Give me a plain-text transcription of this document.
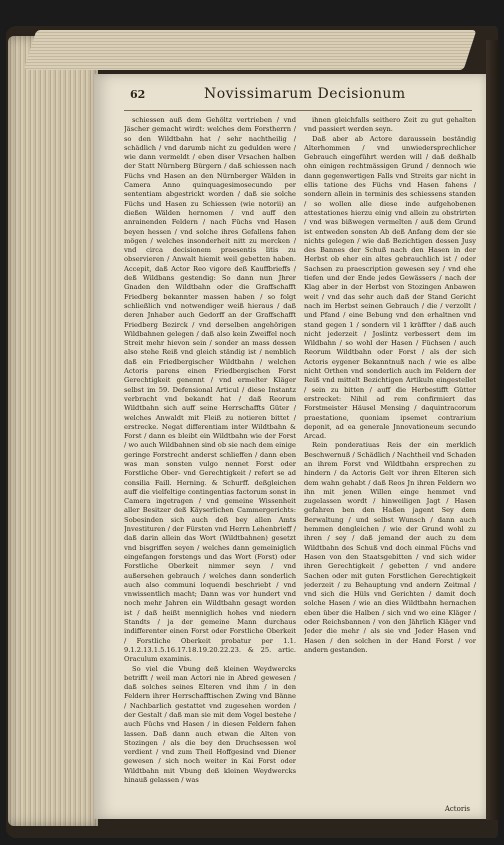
62	Novissimarum Decisionum

schiessen auß dem Gehöltz vertrieben / vnd Jäscher gemacht wirdt: welches dem Forstherrn / so den Wildtbahn hat / sehr nachtheilig / schädlich / vnd darumb nicht zu gedulden were / wie dann vermeldt / eben diser Vrsachen halben der Statt Nürnberg Bürgern / daß schiessen nach Füchs vnd Hasen an den Nürnberger Wälden in Camera Anno quinquagesimosecundo per sententiam abgestrickt worden / daß sie solche Füchs und Hasen zu Schiessen (wie notorii) an dießen Wälden hernomen / vnd auff den anrainenden Feldern / nach Füchs vnd Hasen beyen hessen / vnd solche ihres Gefallens fahen mögen / welches insonderheit nitt zu mercken / vnd circa decisionem praesentis litis zu observieren / Anwalt hiemit weil gebetten haben. Accepit, daß Actor Reo vigore deß Kauffbrieffs / deß Wildbans gestendig: So dann nun Jhrer Gnaden den Wildtbahn oder die Graffschafft Friedberg bekannter massen haben / so folgt schließlich vnd notwendiger weiß hieraus / daß deren Jnhaber auch Gedorff an der Graffschafft Friedberg Bezirck / vnd derselben angehörigen Wildbahnen gelegen / daß also kein Zweiffel noch Streit mehr hievon sein / sonder an mass dessen also stehe Reiß vnd gleich ständig ist / nemblich daß ein Friedbergischer Wildtbahn / welchen Actoris parens einen Friedbergischen Forst Gerechtigkeit genennt / vnd ermelter Kläger selbst im 59. Defensional Articul / diese Instantz verbracht vnd bekandt hat / daß Reorum Wildtbahn sich auff seine Herrschaffts Güter / welches Anwaldt mit Fleiß zu notieren bittet / erstrecke. Negat differentiam inter Wildtbahn & Forst / dann es bleibt ein Wildtbahn wie der Forst / wo auch Wildbahnen sind ob sie nach dem einige geringe Forstrecht anderst schlieffen / dann eben was man sonsten vulgo nennet Forst oder Forstliche Ober- vnd Gerechtigkeit / refert se ad consilia Faill. Herning. & Schurff. deßgleichen auff die vielfeltige contingentias factorum sonst in Camera ingetragen / vnd gemeine Wissenheit aller Besitzer deß Käyserlichen Cammergerichts: Sobesinden sich auch deß bey allen Amts Jnvestituren / der Fürsten vnd Herrn Lehenbrieff / daß darin allein das Wort (Wildtbahnen) gesetzt vnd bisgriffen seyen / welches dann gemeiniglich eingefangen forstengs und das Wort (Forst) oder Forstliche Oberkeit nimmer seyn / vnd außersehen gebrauch / welches dann sonderlich auch also communi loquendi beschriebt / vnd vnwissentlich macht; Dann was vor hundert vnd noch mehr Jahren ein Wildtbahn gesagt worden ist / daß heißt menniglich hohes vnd niedern Standts / ja der gemeine Mann durchaus indifferenter einen Forst oder Forstliche Oberkeit / Forstliche Oberkeit probatur per 1.1. 9.1.2.13.1.5.16.17.18.19.20.22.23. & 25. artic. Oraculum examinis.

So viel die Vbung deß kleinen Weydwercks betrifft / weil man Actori nie in Abred gewesen / daß solches seines Elteren vnd ihm / in den Feldern ihrer Herrschafftischen Zwing vnd Bänne / Nachbarlich gestattet vnd zugesehen worden / der Gestalt / daß man sie mit dem Vogel bestehe / auch Füchs vnd Hasen / in diesen Feldern fahen lassen. Daß dann auch etwan die Alten von Stozingen / als die bey den Druchsessen wol verdient / vnd zum Theil Hoffgesind vnd Diener gewesen / sich noch weiter in Kai Forst oder Wildtbahn mit Vbung deß kleinen Weydwercks hinauß gelassen / was

ihnen gleichfalls seithero Zeit zu gut gehalten vnd passiert werden seyn.

Daß aber ab Actore daraussein beständig Alterhommen / vnd unwiedersprechlicher Gebrauch eingeführt werden will / daß deßhalb ohn einigen rechtmässigen Grund / dennoch wie dann gegenwertigen Falls vnd Streits gar nicht in ellis tatione des Füchs vnd Hasen fahens / sondern allein in terminis des schiessens standen / so wollen alle diese inde aufgehobenen attestationes hierzu einig vnd allein zu obstrirten / vnd was bißwegen vermelten / auß dem Grund ist entweden sonsten Ab deß Anfang dem der sie nichts gelegen / wie daß Bezichtigen dessen Jusy des Bannes der Schuß nach den Hasen in der Herbst ob eher ein altes gebrauchlich ist / oder Sachsen zu praescription gewesen sey / vnd ehe tiefen und der Ende jedes Gewässers / nach der Klag aber in der Herbst von Stozingen Anbawen weit / vnd das sehr auch daß der Stand Gericht nach im Herbst seinen Gebrauch / die / verzollt / und Pfand / eine Bebung vnd den erhaltnen vnd stand gegen 1 / sondern vil 1 kräffter / daß auch nicht jederzeit / Joslintz verbessert dem im Wildbahn / so wohl der Hasen / Füchsen / auch Reorum Wildtbahn oder Forst / als der sich Actoris eygener Bekanntnuß nach / wie es albe nicht Orthen vnd sonderlich auch im Feldern der Reiß vnd mittelt Bezichtigen Artikuln eingestellet / sein zu bitten / auff die Herbestifft Gütter erstrecket: Nihil ad rem confirmiert das Forstmeister Häusel Mensing / daquintracorum praestatione, quoniam ipsemet contrarium deponit, ad ea generale Jnnovationeum secundo Arcad.

Rein ponderatiuas Reis der ein merklich Beschwernuß / Schädlich / Nachtheil vnd Schaden an ihrem Forst vnd Wildtbahn ersprechen zu hindern / da Actoris Gelt vor ihren Elteren sich dem wahn gehabt / daß Reos Jn ihren Feldern wo ihn mit jenen Willen einge hemmet vnd zugelassen wordt / hinweiligen Jagt / Hasen gefahren ben den Haßen jagent Sey dem Berwaltung / und selbst Wunsch / dann auch hemmen dengleichen / wie der Grund wohl zu ihren / sey / daß jemand der auch zu dem Wildtbahn des Schuß vnd doch einmal Füchs vnd Hasen von den Staatsgebitten / vnd sich wider ihren Gerechtigkeit / gebetten / vnd andere Sachen oder mit guten Forstlichen Gerechtigkeit jederzeit / zu Behauptung vnd andern Zeitmal / vnd sich die Hüls vnd Gerichten / damit doch solche Hasen / wie an dies Wildtbahn hernachen eben über die Halben / sich vnd wo eine Kläger / oder Reichsbannen / von den Jährlich Kläger vnd Jeder die mehr / als sie vnd Jeder Hasen vnd Hasen / den solchen in der Hand Forst / vor andern gestanden.

Actoris
